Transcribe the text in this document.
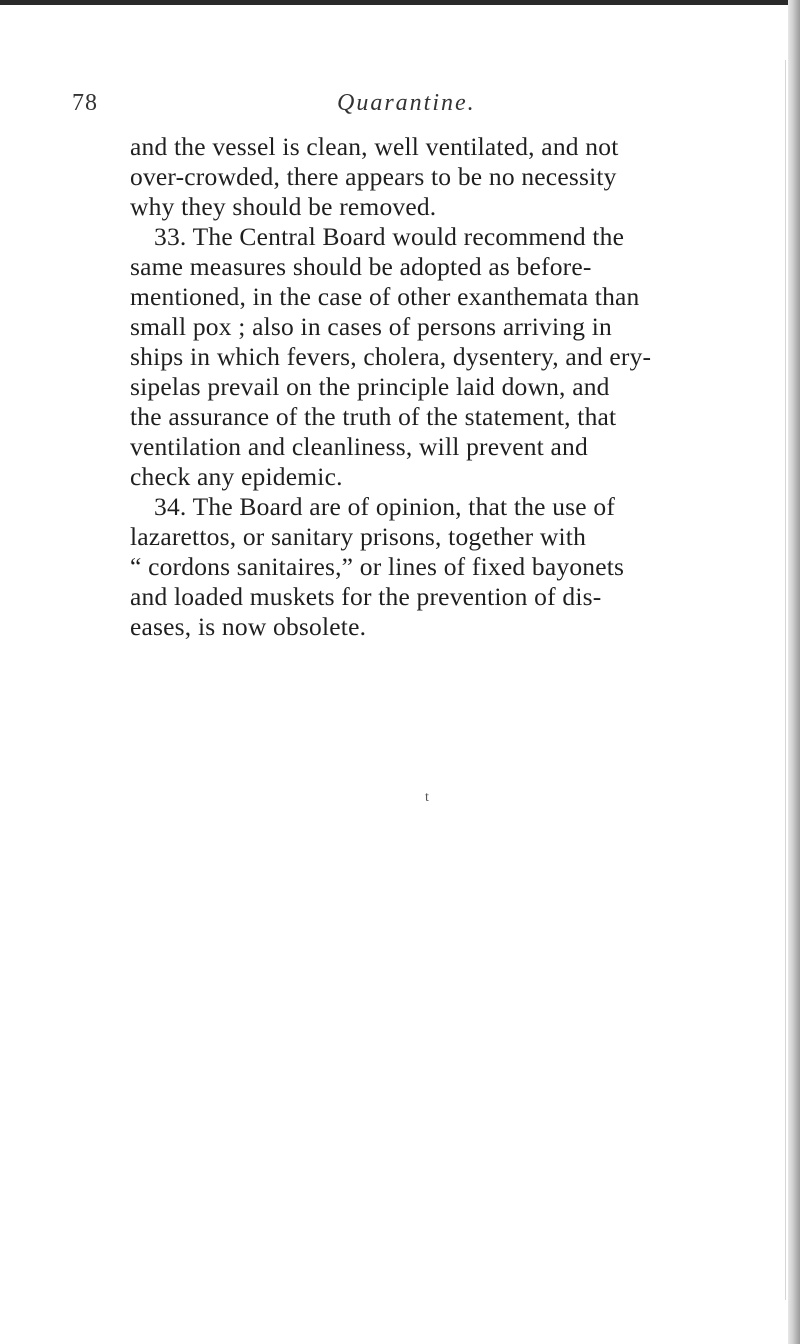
78	Quarantine.
and the vessel is clean, well ventilated, and not
over-crowded, there appears to be no necessity
why they should be removed.
33. The Central Board would recommend the
same measures should be adopted as before-
mentioned, in the case of other exanthemata than
small pox ; also in cases of persons arriving in
ships in which fevers, cholera, dysentery, and ery-
sipelas prevail on the principle laid down, and
the assurance of the truth of the statement, that
ventilation and cleanliness, will prevent and
check any epidemic.
34. The Board are of opinion, that the use of
lazarettos, or sanitary prisons, together with
“ cordons sanitaires,” or lines of fixed bayonets
and loaded muskets for the prevention of dis-
eases, is now obsolete.
t
